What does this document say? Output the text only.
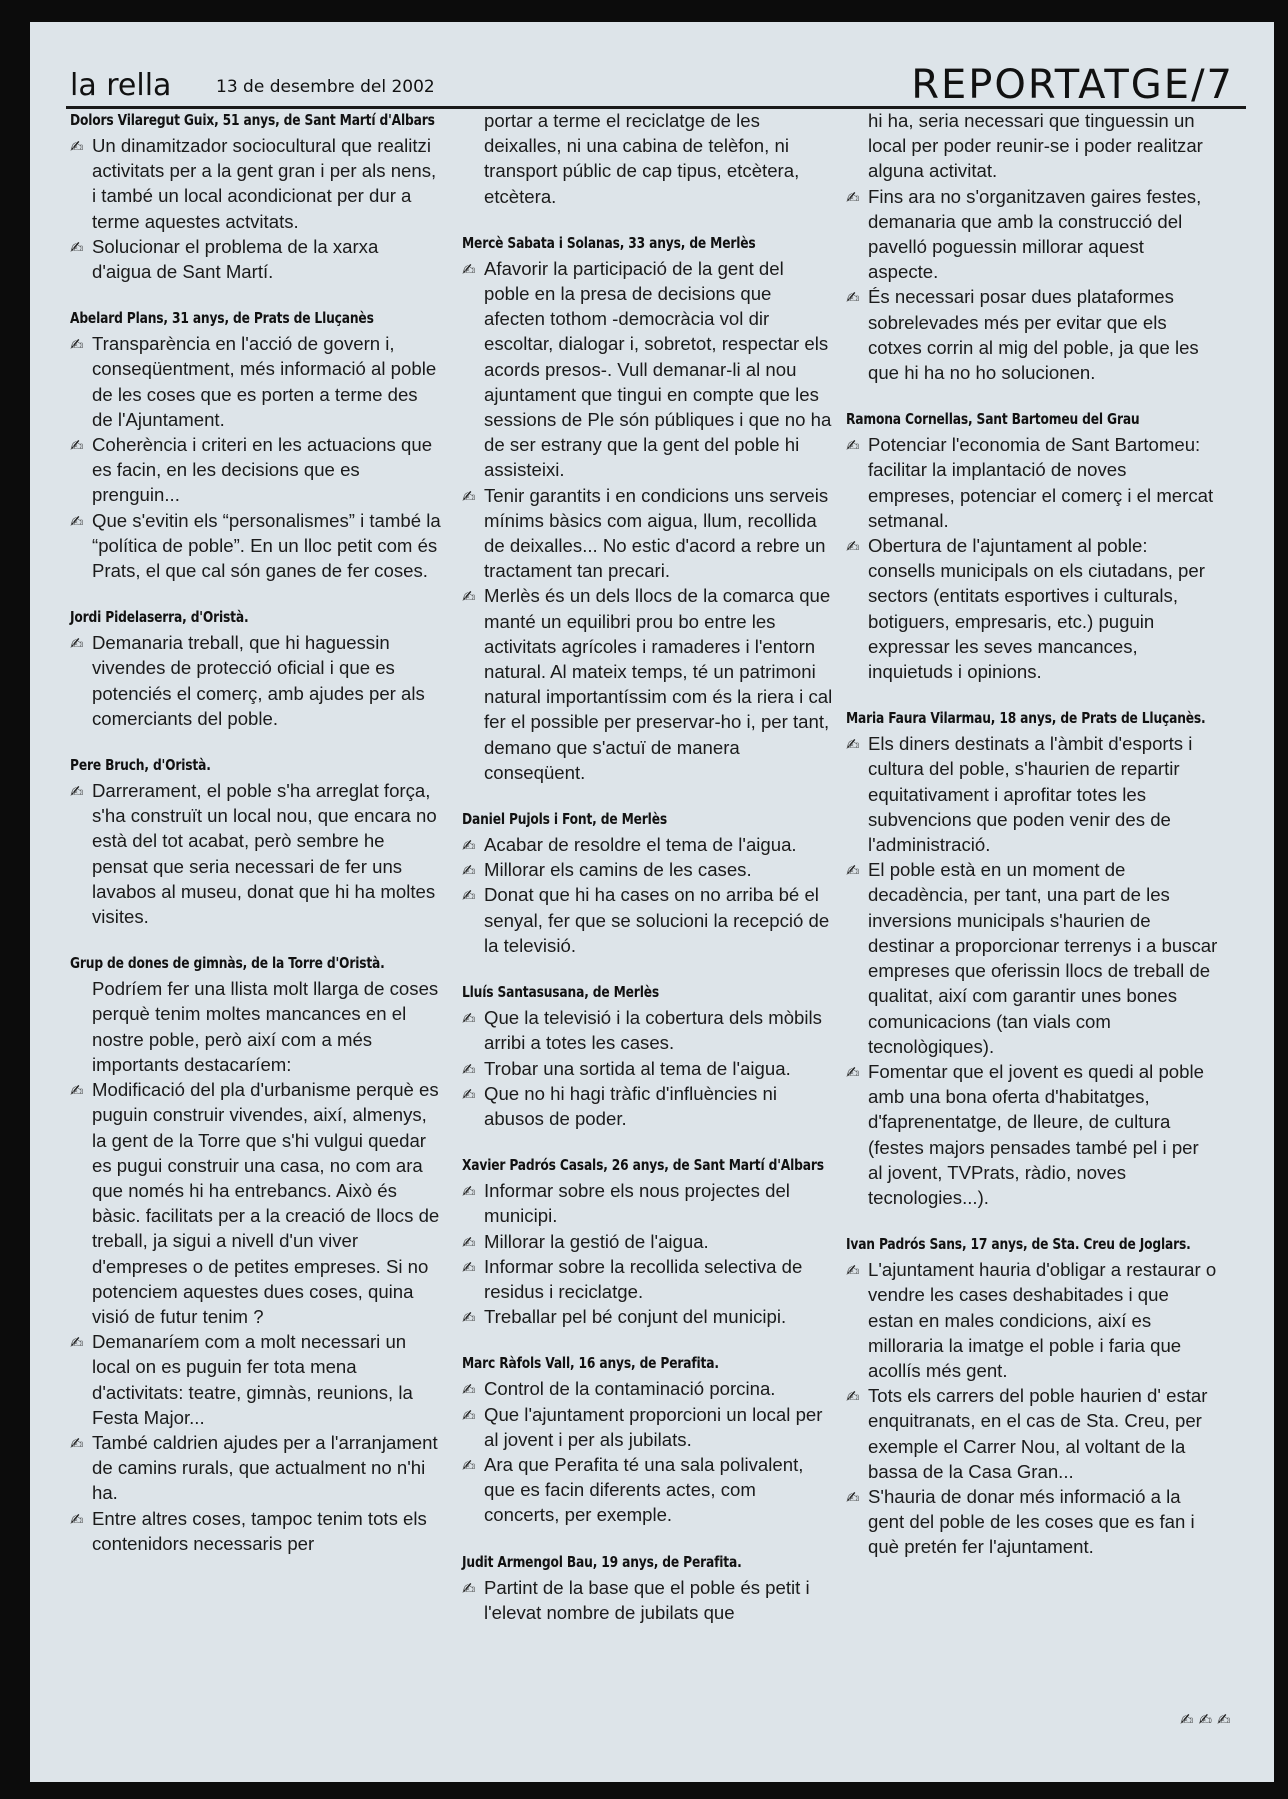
la rella	13 de desembre del 2002	REPORTATGE/7
Dolors Vilaregut Guix, 51 anys, de Sant Martí d'Albars
✍ Un dinamitzador sociocultural que realitzi activitats per a la gent gran i per als nens, i també un local acondicionat per dur a terme aquestes actvitats.
✍ Solucionar el problema de la xarxa d'aigua de Sant Martí.
Abelard Plans, 31 anys, de Prats de Lluçanès
✍ Transparència en l'acció de govern i, conseqüentment, més informació al poble de les coses que es porten a terme des de l'Ajuntament.
✍ Coherència i criteri en les actuacions que es facin, en les decisions que es prenguin...
✍ Que s'evitin els “personalismes” i també la “política de poble”. En un lloc petit com és Prats, el que cal són ganes de fer coses.
Jordi Pidelaserra, d'Oristà.
✍ Demanaria treball, que hi haguessin vivendes de protecció oficial i que es potenciés el comerç, amb ajudes per als comerciants del poble.
Pere Bruch, d'Oristà.
✍ Darrerament, el poble s'ha arreglat força, s'ha construït un local nou, que encara no està del tot acabat, però sembre he pensat que seria necessari de fer uns lavabos al museu, donat que hi ha moltes visites.
Grup de dones de gimnàs, de la Torre d'Oristà.
Podríem fer una llista molt llarga de coses perquè tenim moltes mancances en el nostre poble, però així com a més importants destacaríem:
✍ Modificació del pla d'urbanisme perquè es puguin construir vivendes, així, almenys, la gent de la Torre que s'hi vulgui quedar es pugui construir una casa, no com ara que només hi ha entrebancs. Això és bàsic. facilitats per a la creació de llocs de treball, ja sigui a nivell d'un viver d'empreses o de petites empreses. Si no potenciem aquestes dues coses, quina visió de futur tenim ?
✍ Demanaríem com a molt necessari un local on es puguin fer tota mena d'activitats: teatre, gimnàs, reunions, la Festa Major...
✍ També caldrien ajudes per a l'arranjament de camins rurals, que actualment no n'hi ha.
✍ Entre altres coses, tampoc tenim tots els contenidors necessaris per
portar a terme el reciclatge de les deixalles, ni una cabina de telèfon, ni transport públic de cap tipus, etcètera, etcètera.
Mercè Sabata i Solanas, 33 anys, de Merlès
✍ Afavorir la participació de la gent del poble en la presa de decisions que afecten tothom -democràcia vol dir escoltar, dialogar i, sobretot, respectar els acords presos-. Vull demanar-li al nou ajuntament que tingui en compte que les sessions de Ple són públiques i que no ha de ser estrany que la gent del poble hi assisteixi.
✍ Tenir garantits i en condicions uns serveis mínims bàsics com aigua, llum, recollida de deixalles... No estic d'acord a rebre un tractament tan precari.
✍ Merlès és un dels llocs de la comarca que manté un equilibri prou bo entre les activitats agrícoles i ramaderes i l'entorn natural. Al mateix temps, té un patrimoni natural importantíssim com és la riera i cal fer el possible per preservar-ho i, per tant, demano que s'actuï de manera conseqüent.
Daniel Pujols i Font, de Merlès
✍ Acabar de resoldre el tema de l'aigua.
✍ Millorar els camins de les cases.
✍ Donat que hi ha cases on no arriba bé el senyal, fer que se solucioni la recepció de la televisió.
Lluís Santasusana, de Merlès
✍ Que la televisió i la cobertura dels mòbils arribi a totes les cases.
✍ Trobar una sortida al tema de l'aigua.
✍ Que no hi hagi tràfic d'influències ni abusos de poder.
Xavier Padrós Casals, 26 anys, de Sant Martí d'Albars
✍ Informar sobre els nous projectes del municipi.
✍ Millorar la gestió de l'aigua.
✍ Informar sobre la recollida selectiva de residus i reciclatge.
✍ Treballar pel bé conjunt del municipi.
Marc Ràfols Vall, 16 anys, de Perafita.
✍ Control de la contaminació porcina.
✍ Que l'ajuntament proporcioni un local per al jovent i per als jubilats.
✍ Ara que Perafita té una sala polivalent, que es facin diferents actes, com concerts, per exemple.
Judit Armengol Bau, 19 anys, de Perafita.
✍ Partint de la base que el poble és petit i l'elevat nombre de jubilats que
hi ha, seria necessari que tinguessin un local per poder reunir-se i poder realitzar alguna activitat.
✍ Fins ara no s'organitzaven gaires festes, demanaria que amb la construcció del pavelló poguessin millorar aquest aspecte.
✍ És necessari posar dues plataformes sobrelevades més per evitar que els cotxes corrin al mig del poble, ja que les que hi ha no ho solucionen.
Ramona Cornellas, Sant Bartomeu del Grau
✍ Potenciar l'economia de Sant Bartomeu: facilitar la implantació de noves empreses, potenciar el comerç i el mercat setmanal.
✍ Obertura de l'ajuntament al poble: consells municipals on els ciutadans, per sectors (entitats esportives i culturals, botiguers, empresaris, etc.) puguin expressar les seves mancances, inquietuds i opinions.
Maria Faura Vilarmau, 18 anys, de Prats de Lluçanès.
✍ Els diners destinats a l'àmbit d'esports i cultura del poble, s'haurien de repartir equitativament i aprofitar totes les subvencions que poden venir des de l'administració.
✍ El poble està en un moment de decadència, per tant, una part de les inversions municipals s'haurien de destinar a proporcionar terrenys i a buscar empreses que oferissin llocs de treball de qualitat, així com garantir unes bones comunicacions (tan vials com tecnològiques).
✍ Fomentar que el jovent es quedi al poble amb una bona oferta d'habitatges, d'faprenentatge, de lleure, de cultura (festes majors pensades també pel i per al jovent, TVPrats, ràdio, noves tecnologies...).
Ivan Padrós Sans, 17 anys, de Sta. Creu de Joglars.
✍ L'ajuntament hauria d'obligar a restaurar o vendre les cases deshabitades i que estan en males condicions, així es milloraria la imatge el poble i faria que acollís més gent.
✍ Tots els carrers del poble haurien d' estar enquitranats, en el cas de Sta. Creu, per exemple el Carrer Nou, al voltant de la bassa de la Casa Gran...
✍ S'hauria de donar més informació a la gent del poble de les coses que es fan i què pretén fer l'ajuntament.
✍ ✍ ✍
